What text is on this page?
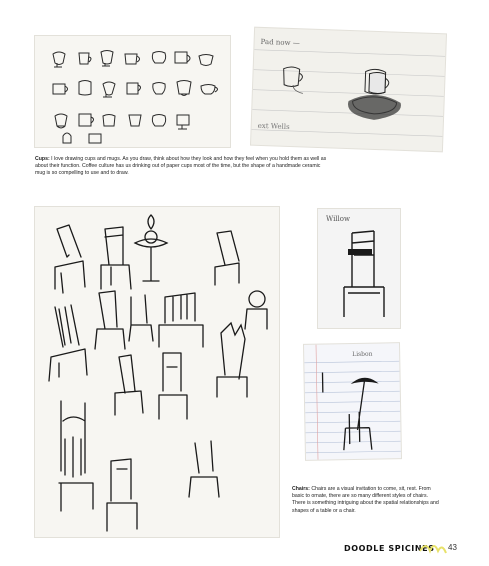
Pad now —
ext Wells
Cups: I love drawing cups and mugs. As you draw, think about how they look and how they feel when you hold them as well as about their function. Coffee culture has us drinking out of paper cups most of the time, but the shape of a handmade ceramic mug is so compelling to use and to draw.
Willow
Lisbon
Chairs: Chairs are a visual invitation to come, sit, rest. From basic to ornate, there are so many different styles of chairs. There is something intriguing about the spatial relationships and shapes of a table or a chair.
DOODLE SPICINES 43
